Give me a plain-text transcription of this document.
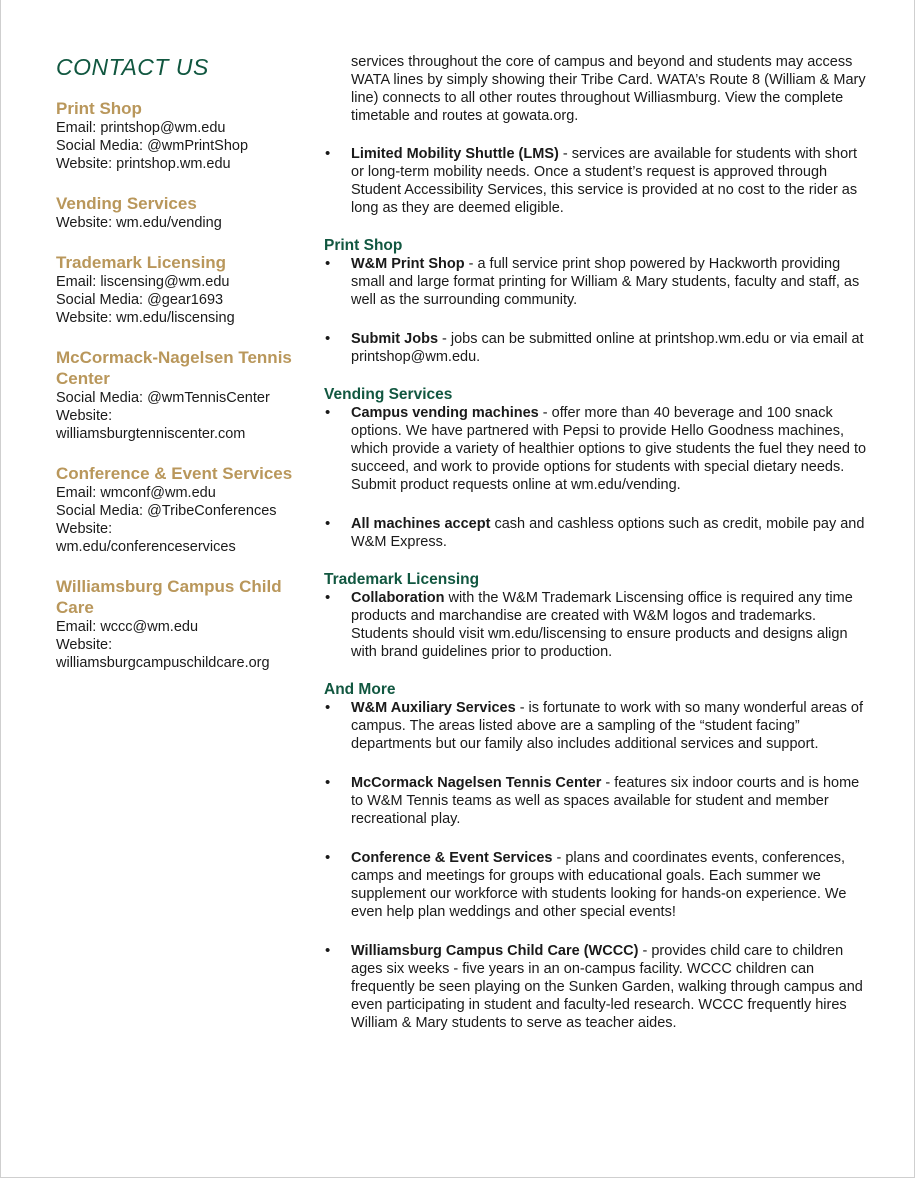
CONTACT US
Print Shop
Email: printshop@wm.edu
Social Media: @wmPrintShop
Website: printshop.wm.edu
Vending Services
Website: wm.edu/vending
Trademark Licensing
Email: liscensing@wm.edu
Social Media: @gear1693
Website: wm.edu/liscensing
McCormack-Nagelsen Tennis Center
Social Media: @wmTennisCenter
Website:
williamsburgtenniscenter.com
Conference & Event Services
Email: wmconf@wm.edu
Social Media: @TribeConferences
Website:
wm.edu/conferenceservices
Williamsburg Campus Child Care
Email: wccc@wm.edu
Website:
williamsburgcampuschildcare.org
services throughout the core of campus and beyond and students may access WATA lines by simply showing their Tribe Card. WATA’s Route 8 (William & Mary line) connects to all other routes throughout Williasmburg. View the complete timetable and routes at gowata.org.
• Limited Mobility Shuttle (LMS) - services are available for students with short or long-term mobility needs. Once a student’s request is approved through Student Accessibility Services, this service is provided at no cost to the rider as long as they are deemed eligible.
Print Shop
• W&M Print Shop - a full service print shop powered by Hackworth providing small and large format printing for William & Mary students, faculty and staff, as well as the surrounding community.
• Submit Jobs - jobs can be submitted online at printshop.wm.edu or via email at printshop@wm.edu.
Vending Services
• Campus vending machines - offer more than 40 beverage and 100 snack options. We have partnered with Pepsi to provide Hello Goodness machines, which provide a variety of healthier options to give students the fuel they need to succeed, and work to provide options for students with special dietary needs. Submit product requests online at wm.edu/vending.
• All machines accept cash and cashless options such as credit, mobile pay and W&M Express.
Trademark Licensing
• Collaboration with the W&M Trademark Liscensing office is required any time products and marchandise are created with W&M logos and trademarks. Students should visit wm.edu/liscensing to ensure products and designs align with brand guidelines prior to production.
And More
• W&M Auxiliary Services - is fortunate to work with so many wonderful areas of campus. The areas listed above are a sampling of the “student facing” departments but our family also includes additional services and support.
• McCormack Nagelsen Tennis Center - features six indoor courts and is home to W&M Tennis teams as well as spaces available for student and member recreational play.
• Conference & Event Services - plans and coordinates events, conferences, camps and meetings for groups with educational goals. Each summer we supplement our workforce with students looking for hands-on experience. We even help plan weddings and other special events!
• Williamsburg Campus Child Care (WCCC) - provides child care to children ages six weeks - five years in an on-campus facility. WCCC children can frequently be seen playing on the Sunken Garden, walking through campus and even participating in student and faculty-led research. WCCC frequently hires William & Mary students to serve as teacher aides.
